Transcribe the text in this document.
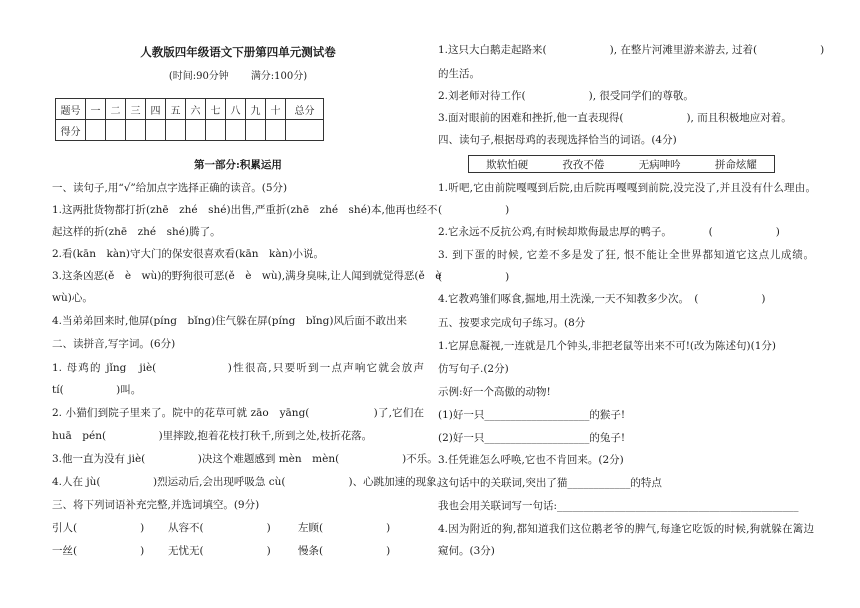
人教版四年级语文下册第四单元测试卷
(时间:90分钟 满分:100分)
题号	一	二	三	四	五	六	七	八	九	十	总分
得分											
第一部分:积累运用
一、读句子,用“√”给加点字选择正确的读音。(5分)
1.这两批货物都打折(zhē　zhé　shé)出售,严重折(zhē　zhé　shé)本,他再也经不
起这样的折(zhē　zhé　shé)腾了。
2.看(kān　kàn)守大门的保安很喜欢看(kān　kàn)小说。
3.这条凶恶(ě　è　wù)的野狗很可恶(ě　è　wù),满身臭味,让人闻到就觉得恶(ě　è
wù)心。
4.当弟弟回来时,他屏(píng　bǐng)住气躲在屏(píng　bǐng)风后面不敢出来
二、读拼音,写字词。(6分)
1. 母鸡的 jǐng　jiè(　　　　　　)性很高,只要听到一点声响它就会放声
tí(　　　　　)叫。
2. 小猫们到院子里来了。院中的花草可就 zāo　yāng(　　　　　　)了,它们在
huā　pén(　　　　　)里摔跤,抱着花枝打秋千,所到之处,枝折花落。
3.他一直为没有 jiè(　　　　　)决这个难题感到 mèn　mèn(　　　　　　)不乐。
4.人在 jù(　　　　　)烈运动后,会出现呼吸急 cù(　　　　　　)、心跳加速的现象。
三、将下列词语补充完整,并选词填空。(9分)
引人(　　　　　　) 从容不(　　　　　　)	左顾(　　　　　　)
一丝(　　　　　　) 无忧无(　　　　　　)	慢条(　　　　　　)
1.这只大白鹅走起路来(　　　　　　), 在整片河滩里游来游去, 过着(　　　　　　)
的生活。
2.刘老师对待工作(　　　　　　), 很受同学们的尊敬。
3.面对眼前的困难和挫折,他一直表现得(　　　　　　), 而且积极地应对着。
四、读句子,根据母鸡的表现选择恰当的词语。(4分)
欺软怕硬	孜孜不倦	无病呻吟	拼命炫耀
1.听吧,它由前院嘎嘎到后院,由后院再嘎嘎到前院,没完没了,并且没有什么理由。
(　　　　　　)
2.它永远不反抗公鸡,有时候却欺侮最忠厚的鸭子。　　　　(　　　　　　)
3. 到下蛋的时候, 它差不多是发了狂, 恨不能让全世界都知道它这点儿成绩。
(　　　　　　)
4.它教鸡雏们啄食,掘地,用土洗澡,一天不知教多少次。　(　　　　　　)
五、按要求完成句子练习。(8分
1.它屏息凝视,一连就是几个钟头,非把老鼠等出来不可!(改为陈述句)(1分)
仿写句子.(2分)
示例:好一个高傲的动物!
(1)好一只____________________的猴子!
(2)好一只____________________的兔子!
3.任凭谁怎么呼唤,它也不肯回来。(2分)
这句话中的关联词,突出了猫____________的特点
我也会用关联词写一句话:______________________________________________
4.因为附近的狗,都知道我们这位鹅老爷的脾气,每逢它吃饭的时候,狗就躲在篱边
窥伺。(3分)
